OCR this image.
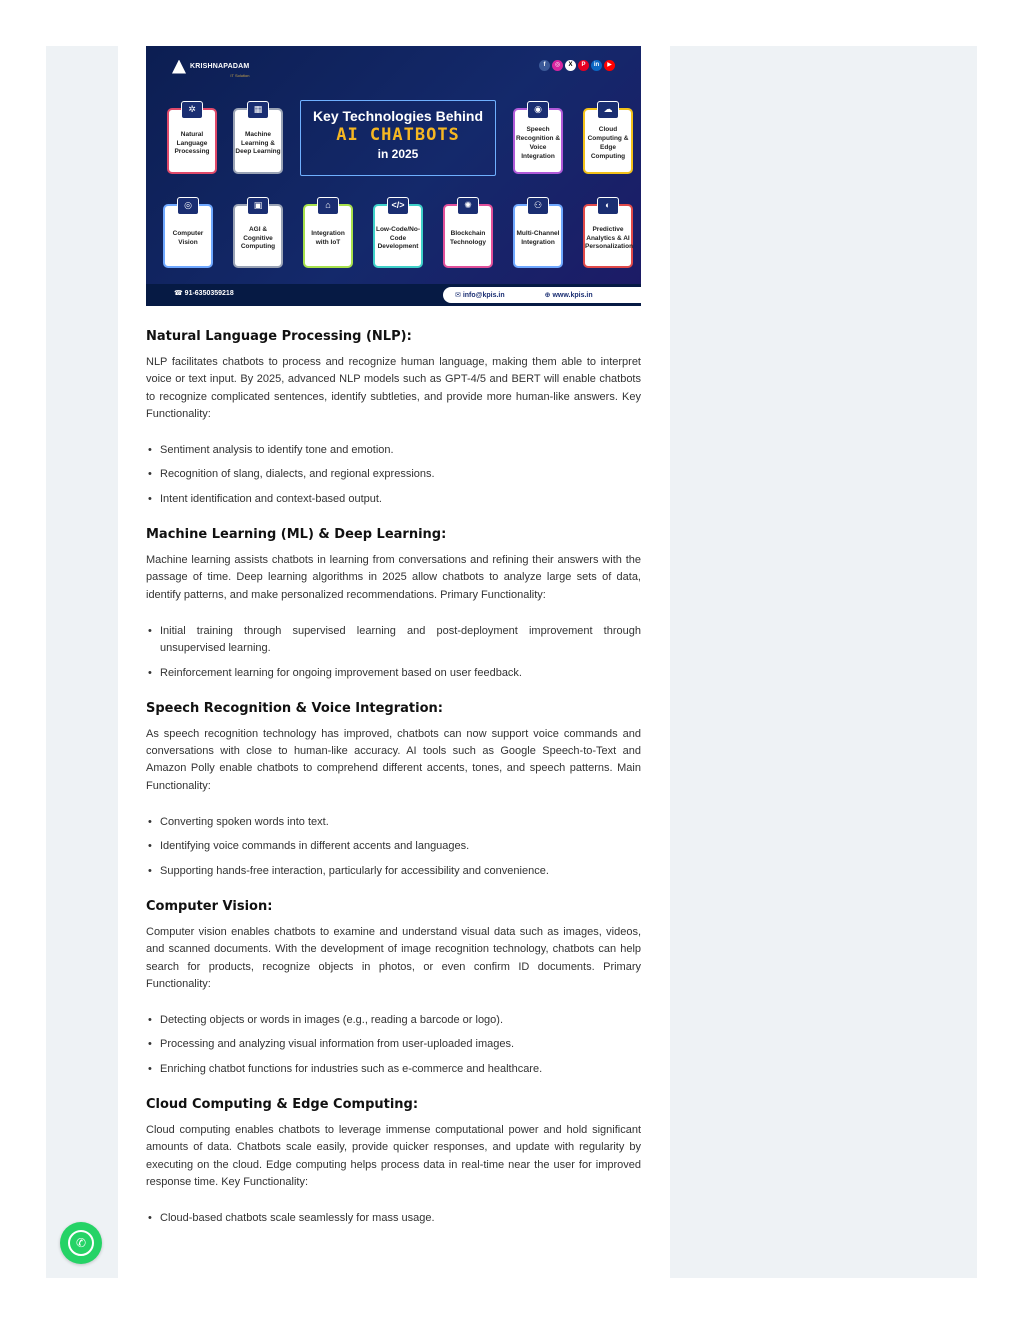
KRISHNAPADAM
IT Solution
f	◎	X	P	in	▶
Key Technologies Behind
AI CHATBOTS
in 2025
✲
Natural Language Processing
▦
Machine Learning & Deep Learning
◉
Speech Recognition & Voice Integration
☁
Cloud Computing & Edge Computing
◎
Computer Vision
▣
AGI & Cognitive Computing
⌂
Integration with IoT
</>
Low-Code/No-Code Development
✺
Blockchain Technology
⚇
Multi-Channel Integration
◐
Predictive Analytics & AI Personalization
☎ 91-6350359218	✉ info@kpis.in	⊕ www.kpis.in
Natural Language Processing (NLP):

NLP facilitates chatbots to process and recognize human language, making them able to interpret voice or text input. By 2025, advanced NLP models such as GPT-4/5 and BERT will enable chatbots to recognize complicated sentences, identify subtleties, and provide more human-like answers. Key Functionality:

• Sentiment analysis to identify tone and emotion.
• Recognition of slang, dialects, and regional expressions.
• Intent identification and context-based output.
Machine Learning (ML) & Deep Learning:

Machine learning assists chatbots in learning from conversations and refining their answers with the passage of time. Deep learning algorithms in 2025 allow chatbots to analyze large sets of data, identify patterns, and make personalized recommendations. Primary Functionality:

• Initial training through supervised learning and post-deployment improvement through unsupervised learning.
• Reinforcement learning for ongoing improvement based on user feedback.
Speech Recognition & Voice Integration:

As speech recognition technology has improved, chatbots can now support voice commands and conversations with close to human-like accuracy. AI tools such as Google Speech-to-Text and Amazon Polly enable chatbots to comprehend different accents, tones, and speech patterns. Main Functionality:

• Converting spoken words into text.
• Identifying voice commands in different accents and languages.
• Supporting hands-free interaction, particularly for accessibility and convenience.
Computer Vision:

Computer vision enables chatbots to examine and understand visual data such as images, videos, and scanned documents. With the development of image recognition technology, chatbots can help search for products, recognize objects in photos, or even confirm ID documents. Primary Functionality:

• Detecting objects or words in images (e.g., reading a barcode or logo).
• Processing and analyzing visual information from user-uploaded images.
• Enriching chatbot functions for industries such as e-commerce and healthcare.
Cloud Computing & Edge Computing:

Cloud computing enables chatbots to leverage immense computational power and hold significant amounts of data. Chatbots scale easily, provide quicker responses, and update with regularity by executing on the cloud. Edge computing helps process data in real-time near the user for improved response time. Key Functionality:

• Cloud-based chatbots scale seamlessly for mass usage.
✆
